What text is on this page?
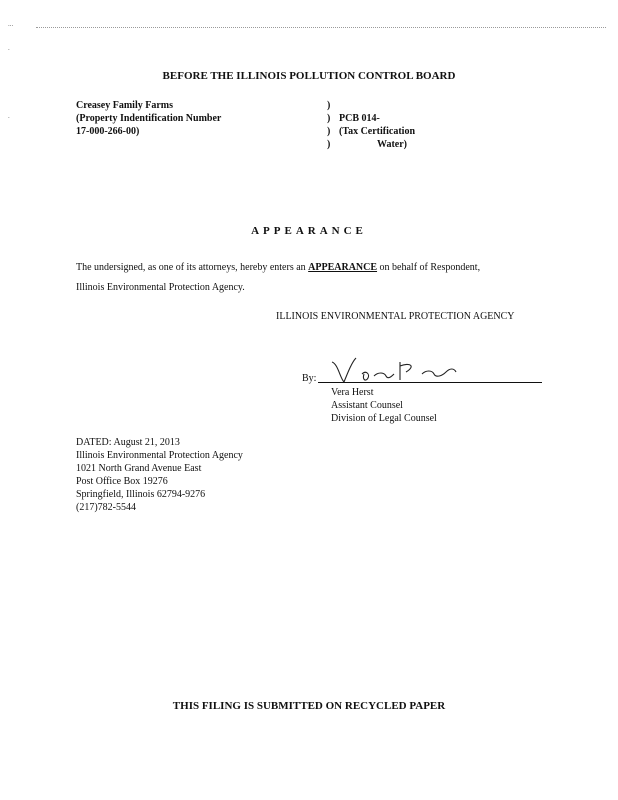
...
.
.
BEFORE THE ILLINOIS POLLUTION CONTROL BOARD
Creasey Family Farms
(Property Indentification Number
17-000-266-00)
)
) PCB 014-
) (Tax Certification
)	Water)
APPEARANCE
The undersigned, as one of its attorneys, hereby enters an APPEARANCE on behalf of Respondent,
Illinois Environmental Protection Agency.
ILLINOIS ENVIRONMENTAL PROTECTION AGENCY
By:
Vera Herst
Assistant Counsel
Division of Legal Counsel
DATED: August 21, 2013
Illinois Environmental Protection Agency
1021 North Grand Avenue East
Post Office Box 19276
Springfield, Illinois 62794-9276
(217)782-5544
THIS FILING IS SUBMITTED ON RECYCLED PAPER
